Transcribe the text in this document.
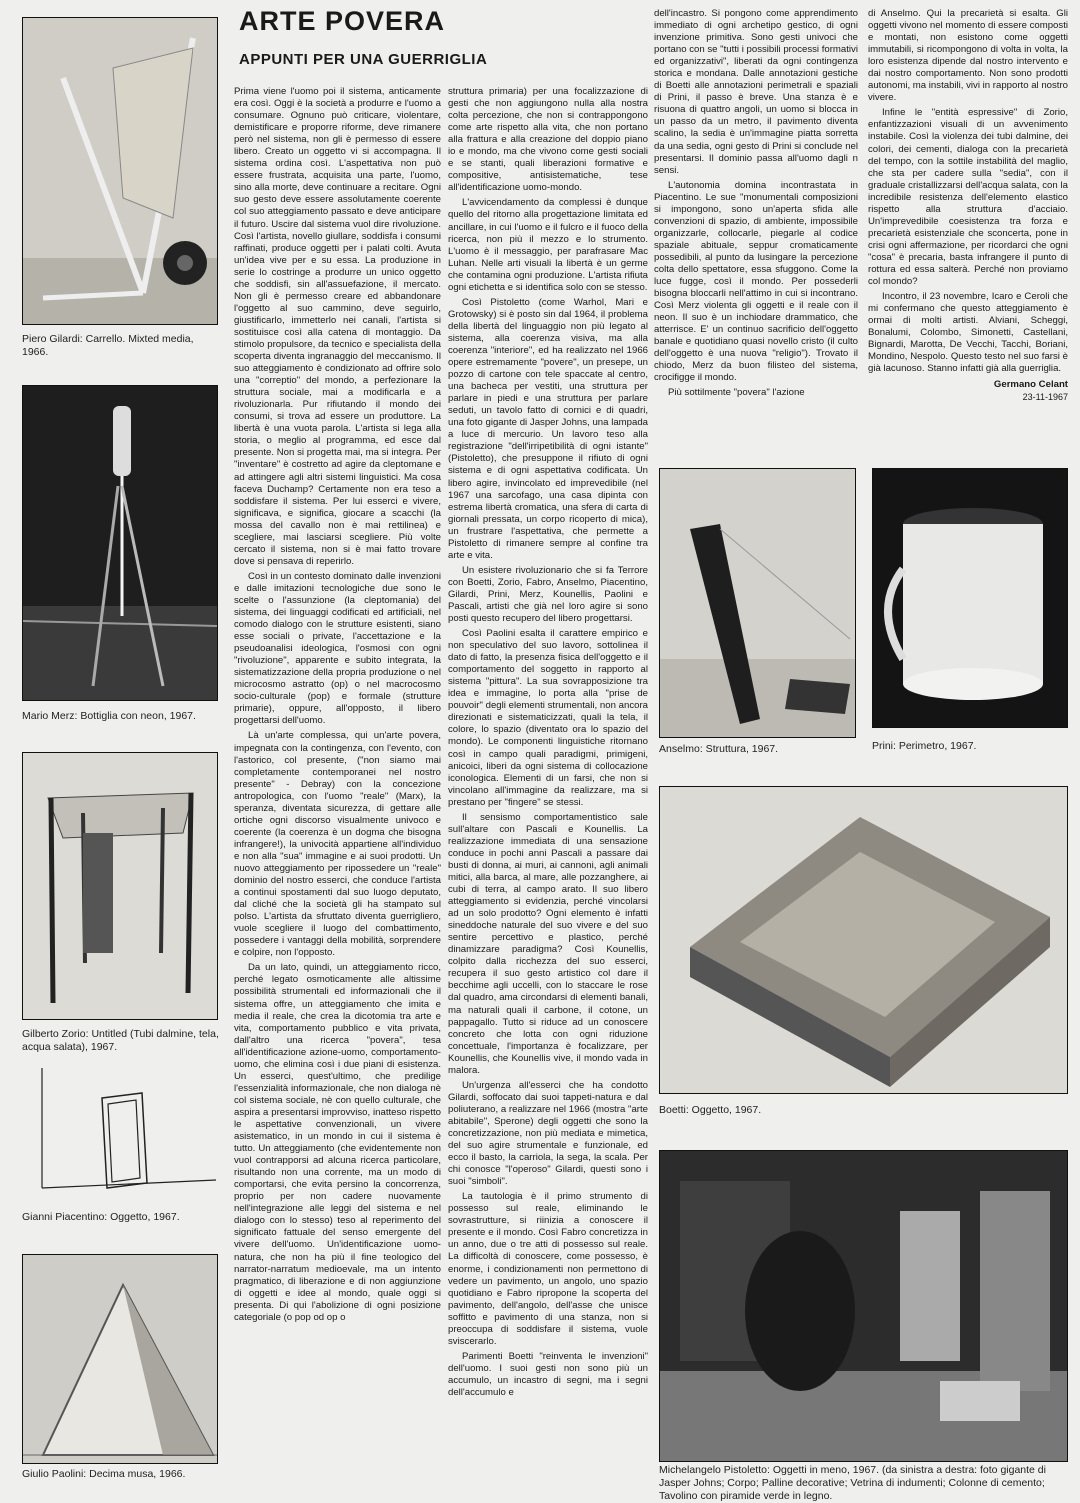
ARTE POVERA
APPUNTI PER UNA GUERRIGLIA
Piero Gilardi: Carrello. Mixted media, 1966.
Mario Merz: Bottiglia con neon, 1967.
Gilberto Zorio: Untitled (Tubi dalmine, tela, acqua salata), 1967.
Gianni Piacentino: Oggetto, 1967.
Giulio Paolini: Decima musa, 1966.

Prima viene l'uomo poi il sistema, anticamente era così. Oggi è la società a produrre e l'uomo a consumare. Ognuno può criticare, violentare, demistificare e proporre riforme, deve rimanere però nel sistema, non gli è permesso di essere libero. Creato un oggetto vi si accompagna. Il sistema ordina così. L'aspettativa non può essere frustrata, acquisita una parte, l'uomo, sino alla morte, deve continuare a recitare. Ogni suo gesto deve essere assolutamente coerente col suo atteggiamento passato e deve anticipare il futuro. Uscire dal sistema vuol dire rivoluzione. Così l'artista, novello giullare, soddisfa i consumi raffinati, produce oggetti per i palati colti. Avuta un'idea vive per e su essa. La produzione in serie lo costringe a produrre un unico oggetto che soddisfi, sin all'assuefazione, il mercato. Non gli è permesso creare ed abbandonare l'oggetto al suo cammino, deve seguirlo, giustificarlo, immetterlo nei canali, l'artista si sostituisce così alla catena di montaggio. Da stimolo propulsore, da tecnico e specialista della scoperta diventa ingranaggio del meccanismo. Il suo atteggiamento è condizionato ad offrire solo una "correptio" del mondo, a perfezionare la struttura sociale, mai a modificarla e a rivoluzionarla. Pur rifiutando il mondo dei consumi, si trova ad essere un produttore. La libertà è una vuota parola. L'artista si lega alla storia, o meglio al programma, ed esce dal presente. Non si progetta mai, ma si integra. Per "inventare" è costretto ad agire da cleptomane e ad attingere agli altri sistemi linguistici. Ma cosa faceva Duchamp? Certamente non era teso a soddisfare il sistema. Per lui esserci e vivere, significava, e significa, giocare a scacchi (la mossa del cavallo non è mai rettilinea) e scegliere, mai lasciarsi scegliere. Più volte cercato il sistema, non si è mai fatto trovare dove si pensava di reperirlo.

Così in un contesto dominato dalle invenzioni e dalle imitazioni tecnologiche due sono le scelte o l'assunzione (la cleptomania) del sistema, dei linguaggi codificati ed artificiali, nel comodo dialogo con le strutture esistenti, siano esse sociali o private, l'accettazione e la pseudoanalisi ideologica, l'osmosi con ogni "rivoluzione", apparente e subito integrata, la sistematizzazione della propria produzione o nel microcosmo astratto (op) o nel macrocosmo socio-culturale (pop) e formale (strutture primarie), oppure, all'opposto, il libero progettarsi dell'uomo.

Là un'arte complessa, qui un'arte povera, impegnata con la contingenza, con l'evento, con l'astorico, col presente, ("non siamo mai completamente contemporanei nel nostro presente" - Debray) con la concezione antropologica, con l'uomo "reale" (Marx), la speranza, diventata sicurezza, di gettare alle ortiche ogni discorso visualmente univoco e coerente (la coerenza è un dogma che bisogna infrangere!), la univocità appartiene all'individuo e non alla "sua" immagine e ai suoi prodotti. Un nuovo atteggiamento per ripossedere un "reale" dominio del nostro esserci, che conduce l'artista a continui spostamenti dal suo luogo deputato, dal cliché che la società gli ha stampato sul polso. L'artista da sfruttato diventa guerrigliero, vuole scegliere il luogo del combattimento, possedere i vantaggi della mobilità, sorprendere e colpire, non l'opposto.

Da un lato, quindi, un atteggiamento ricco, perché legato osmoticamente alle altissime possibilità strumentali ed informazionali che il sistema offre, un atteggiamento che imita e media il reale, che crea la dicotomia tra arte e vita, comportamento pubblico e vita privata, dall'altro una ricerca "povera", tesa all'identificazione azione-uomo, comportamento-uomo, che elimina così i due piani di esistenza. Un esserci, quest'ultimo, che predilige l'essenzialità informazionale, che non dialoga nè col sistema sociale, nè con quello culturale, che aspira a presentarsi improvviso, inatteso rispetto le aspettative convenzionali, un vivere asistematico, in un mondo in cui il sistema è tutto. Un atteggiamento (che evidentemente non vuol contrapporsi ad alcuna ricerca particolare, risultando non una corrente, ma un modo di comportarsi, che evita persino la concorrenza, proprio per non cadere nuovamente nell'integrazione alle leggi del sistema e nel dialogo con lo stesso) teso al reperimento del significato fattuale del senso emergente del vivere dell'uomo. Un'identificazione uomo-natura, che non ha più il fine teologico del narrator-narratum medioevale, ma un intento pragmatico, di liberazione e di non aggiunzione di oggetti e idee al mondo, quale oggi si presenta. Di qui l'abolizione di ogni posizione categoriale (o pop od op o

struttura primaria) per una focalizzazione di gesti che non aggiungono nulla alla nostra colta percezione, che non si contrappongono come arte rispetto alla vita, che non portano alla frattura e alla creazione del doppio piano io e mondo, ma che vivono come gesti sociali e se stanti, quali liberazioni formative e compositive, antisistematiche, tese all'identificazione uomo-mondo.

L'avvicendamento da complessi è dunque quello del ritorno alla progettazione limitata ed ancillare, in cui l'uomo e il fulcro e il fuoco della ricerca, non più il mezzo e lo strumento. L'uomo è il messaggio, per parafrasare Mac Luhan. Nelle arti visuali la libertà è un germe che contamina ogni produzione. L'artista rifiuta ogni etichetta e si identifica solo con se stesso.

Così Pistoletto (come Warhol, Mari e Grotowsky) si è posto sin dal 1964, il problema della libertà del linguaggio non più legato al sistema, alla coerenza visiva, ma alla coerenza "interiore", ed ha realizzato nel 1966 opere estremamente "povere", un presepe, un pozzo di cartone con tele spaccate al centro, una bacheca per vestiti, una struttura per parlare in piedi e una struttura per parlare seduti, un tavolo fatto di cornici e di quadri, una foto gigante di Jasper Johns, una lampada a luce di mercurio. Un lavoro teso alla registrazione "dell'irripetibilità di ogni istante" (Pistoletto), che presuppone il rifiuto di ogni sistema e di ogni aspettativa codificata. Un libero agire, invincolato ed imprevedibile (nel 1967 una sarcofago, una casa dipinta con estrema libertà cromatica, una sfera di carta di giornali pressata, un corpo ricoperto di mica), un frustrare l'aspettativa, che permette a Pistoletto di rimanere sempre al confine tra arte e vita.

Un esistere rivoluzionario che si fa Terrore con Boetti, Zorio, Fabro, Anselmo, Piacentino, Gilardi, Prini, Merz, Kounellis, Paolini e Pascali, artisti che già nel loro agire si sono posti questo recupero del libero progettarsi.

Così Paolini esalta il carattere empirico e non speculativo del suo lavoro, sottolinea il dato di fatto, la presenza fisica dell'oggetto e il comportamento del soggetto in rapporto al sistema "pittura". La sua sovrapposizione tra idea e immagine, lo porta alla "prise de pouvoir" degli elementi strumentali, non ancora direzionati e sistematicizzati, quali la tela, il colore, lo spazio (diventato ora lo spazio del mondo). Le componenti linguistiche ritornano così in campo quali paradigmi, primigeni, anicoici, liberi da ogni sistema di collocazione iconologica. Elementi di un farsi, che non si vincolano all'immagine da realizzare, ma si prestano per "fingere" se stessi.

Il sensismo comportamentistico sale sull'altare con Pascali e Kounellis. La realizzazione immediata di una sensazione conduce in pochi anni Pascali a passare dai busti di donna, ai muri, ai cannoni, agli animali mitici, alla barca, al mare, alle pozzanghere, ai cubi di terra, al campo arato. Il suo libero atteggiamento si evidenzia, perché vincolarsi ad un solo prodotto? Ogni elemento è infatti sineddoche naturale del suo vivere e del suo sentire percettivo e plastico, perché dinamizzare paradigma? Così Kounellis, colpito dalla ricchezza del suo esserci, recupera il suo gesto artistico col dare il becchime agli uccelli, con lo staccare le rose dal quadro, ama circondarsi di elementi banali, ma naturali quali il carbone, il cotone, un pappagallo. Tutto si riduce ad un conoscere concreto che lotta con ogni riduzione concettuale, l'importanza è focalizzare, per Kounellis, che Kounellis vive, il mondo vada in malora.

Un'urgenza all'esserci che ha condotto Gilardi, soffocato dai suoi tappeti-natura e dal poliuterano, a realizzare nel 1966 (mostra "arte abitabile", Sperone) degli oggetti che sono la concretizzazione, non più mediata e mimetica, del suo agire strumentale e funzionale, ed ecco il basto, la carriola, la sega, la scala. Per chi conosce "l'operoso" Gilardi, questi sono i suoi "simboli".

La tautologia è il primo strumento di possesso sul reale, eliminando le sovrastrutture, si riinizia a conoscere il presente e il mondo. Così Fabro concretizza in un anno, due o tre atti di possesso sul reale. La difficoltà di conoscere, come possesso, è enorme, i condizionamenti non permettono di vedere un pavimento, un angolo, uno spazio quotidiano e Fabro ripropone la scoperta del pavimento, dell'angolo, dell'asse che unisce soffitto e pavimento di una stanza, non si preoccupa di soddisfare il sistema, vuole sviscerarlo.

Parimenti Boetti "reinventa le invenzioni" dell'uomo. I suoi gesti non sono più un accumulo, un incastro di segni, ma i segni dell'accumulo e

dell'incastro. Si pongono come apprendimento immediato di ogni archetipo gestico, di ogni invenzione primitiva. Sono gesti univoci che portano con se "tutti i possibili processi formativi ed organizzativi", liberati da ogni contingenza storica e mondana. Dalle annotazioni gestiche di Boetti alle annotazioni perimetrali e spaziali di Prini, il passo è breve. Una stanza è e risuona di quattro angoli, un uomo si blocca in un passo da un metro, il pavimento diventa scalino, la sedia è un'immagine piatta sorretta da una sedia, ogni gesto di Prini si conclude nel presentarsi. Il dominio passa all'uomo dagli n sensi.

L'autonomia domina incontrastata in Piacentino. Le sue "monumentali composizioni si impongono, sono un'aperta sfida alle convenzioni di spazio, di ambiente, impossibile organizzarle, collocarle, piegarle al codice spaziale abituale, seppur cromaticamente possedibili, al punto da lusingare la percezione colta dello spettatore, essa sfuggono. Come la luce fugge, così il mondo. Per possederli bisogna bloccarli nell'attimo in cui si incontrano. Così Merz violenta gli oggetti e il reale con il neon. Il suo è un inchiodare drammatico, che atterrisce. E' un continuo sacrificio dell'oggetto banale e quotidiano quasi novello cristo (il culto dell'oggetto è una nuova "religio"). Trovato il chiodo, Merz da buon filisteo del sistema, crocifigge il mondo.

Più sottilmente "povera" l'azione

di Anselmo. Qui la precarietà si esalta. Gli oggetti vivono nel momento di essere composti e montati, non esistono come oggetti immutabili, si ricompongono di volta in volta, la loro esistenza dipende dal nostro intervento e dai nostro comportamento. Non sono prodotti autonomi, ma instabili, vivi in rapporto al nostro vivere.

Infine le "entità espressive" di Zorio, enfantizzazioni visuali di un avvenimento instabile. Così la violenza dei tubi dalmine, dei colori, dei cementi, dialoga con la precarietà del tempo, con la sottile instabilità del maglio, che sta per cadere sulla "sedia", con il graduale cristallizzarsi dell'acqua salata, con la incredibile resistenza dell'elemento elastico rispetto alla struttura d'acciaio. Un'imprevedibile coesistenza tra forza e precarietà esistenziale che sconcerta, pone in crisi ogni affermazione, per ricordarci che ogni "cosa" è precaria, basta infrangere il punto di rottura ed essa salterà. Perché non proviamo col mondo?

Incontro, il 23 novembre, Icaro e Ceroli che mi confermano che questo atteggiamento è ormai di molti artisti. Alviani, Scheggi, Bonalumi, Colombo, Simonetti, Castellani, Bignardi, Marotta, De Vecchi, Tacchi, Boriani, Mondino, Nespolo. Questo testo nel suo farsi è già lacunoso. Stanno infatti già alla guerriglia.

Germano Celant

23-11-1967

Anselmo: Struttura, 1967.	Prini: Perimetro, 1967.
Boetti: Oggetto, 1967.
Michelangelo Pistoletto: Oggetti in meno, 1967. (da sinistra a destra: foto gigante di Jasper Johns; Corpo; Palline decorative; Vetrina di indumenti; Colonne di cemento; Tavolino con piramide verde in legno.
